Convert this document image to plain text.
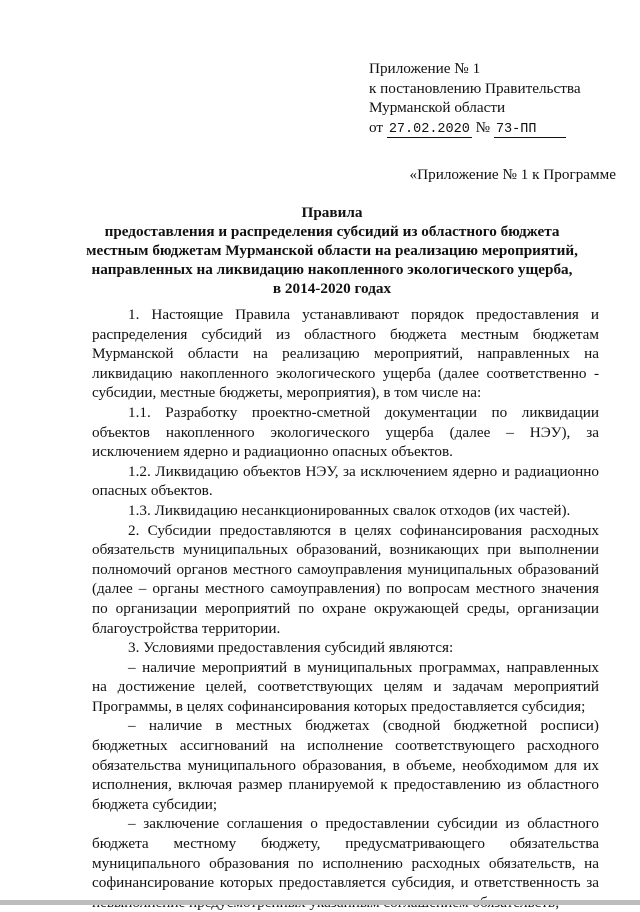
Приложение № 1
к постановлению Правительства
Мурманской области
от 27.02.2020 № 73-ПП
«Приложение № 1 к Программе
Правила
предоставления и распределения субсидий из областного бюджета
местным бюджетам Мурманской области на реализацию мероприятий,
направленных на ликвидацию накопленного экологического ущерба,
в 2014-2020 годах

1. Настоящие Правила устанавливают порядок предоставления и распределения субсидий из областного бюджета местным бюджетам Мурманской области на реализацию мероприятий, направленных на ликвидацию накопленного экологического ущерба (далее соответственно - субсидии, местные бюджеты, мероприятия), в том числе на:

1.1. Разработку проектно-сметной документации по ликвидации объектов накопленного экологического ущерба (далее – НЭУ), за исключением ядерно и радиационно опасных объектов.

1.2. Ликвидацию объектов НЭУ, за исключением ядерно и радиационно опасных объектов.

1.3. Ликвидацию несанкционированных свалок отходов (их частей).

2. Субсидии предоставляются в целях софинансирования расходных обязательств муниципальных образований, возникающих при выполнении полномочий органов местного самоуправления муниципальных образований (далее – органы местного самоуправления) по вопросам местного значения по организации мероприятий по охране окружающей среды, организации благоустройства территории.

3. Условиями предоставления субсидий являются:

– наличие мероприятий в муниципальных программах, направленных на достижение целей, соответствующих целям и задачам мероприятий Программы, в целях софинансирования которых предоставляется субсидия;

– наличие в местных бюджетах (сводной бюджетной росписи) бюджетных ассигнований на исполнение соответствующего расходного обязательства муниципального образования, в объеме, необходимом для их исполнения, включая размер планируемой к предоставлению из областного бюджета субсидии;

– заключение соглашения о предоставлении субсидии из областного бюджета местному бюджету, предусматривающего обязательства муниципального образования по исполнению расходных обязательств, на софинансирование которых предоставляется субсидия, и ответственность за
